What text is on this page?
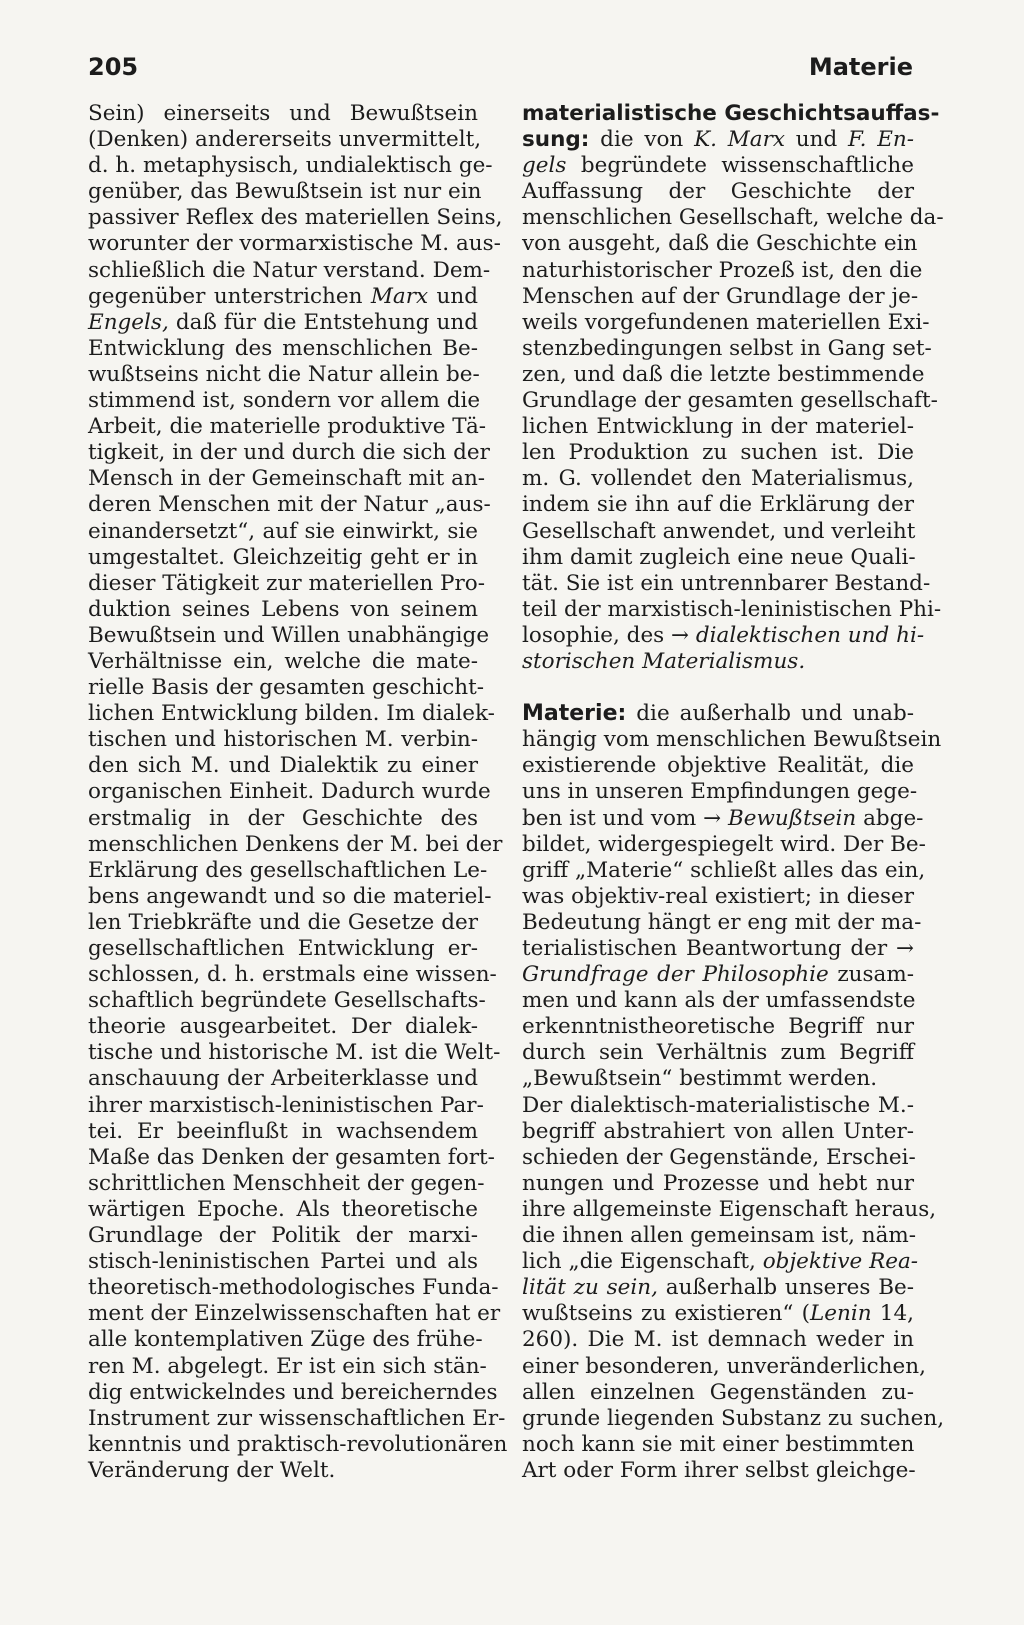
205	Materie
Sein) einerseits und Bewußtsein
(Denken) andererseits unvermittelt,
d. h. metaphysisch, undialektisch ge-
genüber, das Bewußtsein ist nur ein
passiver Reflex des materiellen Seins,
worunter der vormarxistische M. aus-
schließlich die Natur verstand. Dem-
gegenüber unterstrichen Marx und
Engels, daß für die Entstehung und
Entwicklung des menschlichen Be-
wußtseins nicht die Natur allein be-
stimmend ist, sondern vor allem die
Arbeit, die materielle produktive Tä-
tigkeit, in der und durch die sich der
Mensch in der Gemeinschaft mit an-
deren Menschen mit der Natur „aus-
einandersetzt“, auf sie einwirkt, sie
umgestaltet. Gleichzeitig geht er in
dieser Tätigkeit zur materiellen Pro-
duktion seines Lebens von seinem
Bewußtsein und Willen unabhängige
Verhältnisse ein, welche die mate-
rielle Basis der gesamten geschicht-
lichen Entwicklung bilden. Im dialek-
tischen und historischen M. verbin-
den sich M. und Dialektik zu einer
organischen Einheit. Dadurch wurde
erstmalig in der Geschichte des
menschlichen Denkens der M. bei der
Erklärung des gesellschaftlichen Le-
bens angewandt und so die materiel-
len Triebkräfte und die Gesetze der
gesellschaftlichen Entwicklung er-
schlossen, d. h. erstmals eine wissen-
schaftlich begründete Gesellschafts-
theorie ausgearbeitet. Der dialek-
tische und historische M. ist die Welt-
anschauung der Arbeiterklasse und
ihrer marxistisch-leninistischen Par-
tei. Er beeinflußt in wachsendem
Maße das Denken der gesamten fort-
schrittlichen Menschheit der gegen-
wärtigen Epoche. Als theoretische
Grundlage der Politik der marxi-
stisch-leninistischen Partei und als
theoretisch-methodologisches Funda-
ment der Einzelwissenschaften hat er
alle kontemplativen Züge des frühe-
ren M. abgelegt. Er ist ein sich stän-
dig entwickelndes und bereicherndes
Instrument zur wissenschaftlichen Er-
kenntnis und praktisch-revolutionären
Veränderung der Welt.
materialistische Geschichtsauffas-
sung: die von K. Marx und F. En-
gels begründete wissenschaftliche
Auffassung der Geschichte der
menschlichen Gesellschaft, welche da-
von ausgeht, daß die Geschichte ein
naturhistorischer Prozeß ist, den die
Menschen auf der Grundlage der je-
weils vorgefundenen materiellen Exi-
stenzbedingungen selbst in Gang set-
zen, und daß die letzte bestimmende
Grundlage der gesamten gesellschaft-
lichen Entwicklung in der materiel-
len Produktion zu suchen ist. Die
m. G. vollendet den Materialismus,
indem sie ihn auf die Erklärung der
Gesellschaft anwendet, und verleiht
ihm damit zugleich eine neue Quali-
tät. Sie ist ein untrennbarer Bestand-
teil der marxistisch-leninistischen Phi-
losophie, des → dialektischen und hi-
storischen Materialismus.
Materie: die außerhalb und unab-
hängig vom menschlichen Bewußtsein
existierende objektive Realität, die
uns in unseren Empfindungen gege-
ben ist und vom → Bewußtsein abge-
bildet, widergespiegelt wird. Der Be-
griff „Materie“ schließt alles das ein,
was objektiv-real existiert; in dieser
Bedeutung hängt er eng mit der ma-
terialistischen Beantwortung der →
Grundfrage der Philosophie zusam-
men und kann als der umfassendste
erkenntnistheoretische Begriff nur
durch sein Verhältnis zum Begriff
„Bewußtsein“ bestimmt werden.
Der dialektisch-materialistische M.-
begriff abstrahiert von allen Unter-
schieden der Gegenstände, Erschei-
nungen und Prozesse und hebt nur
ihre allgemeinste Eigenschaft heraus,
die ihnen allen gemeinsam ist, näm-
lich „die Eigenschaft, objektive Rea-
lität zu sein, außerhalb unseres Be-
wußtseins zu existieren“ (Lenin 14,
260). Die M. ist demnach weder in
einer besonderen, unveränderlichen,
allen einzelnen Gegenständen zu-
grunde liegenden Substanz zu suchen,
noch kann sie mit einer bestimmten
Art oder Form ihrer selbst gleichge-
